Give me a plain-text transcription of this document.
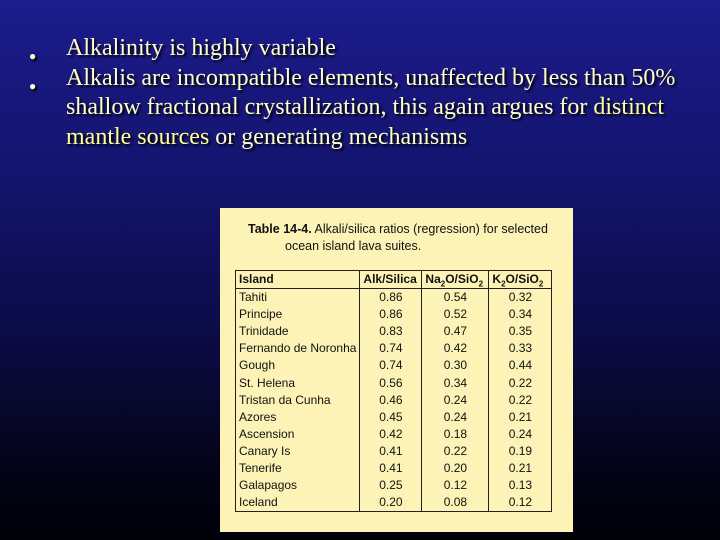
● Alkalinity is highly variable
● Alkalis are incompatible elements, unaffected by less than 50% shallow fractional crystallization, this again argues for distinct mantle sources or generating mechanisms
Table 14-4. Alkali/silica ratios (regression) for selected
ocean island lava suites.
Island	Alk/Silica	$Na_2O/SiO_2$	$K_2O/SiO_2$
Tahiti	0.86	0.54	0.32
Principe	0.86	0.52	0.34
Trinidade	0.83	0.47	0.35
Fernando de Noronha	0.74	0.42	0.33
Gough	0.74	0.30	0.44
St. Helena	0.56	0.34	0.22
Tristan da Cunha	0.46	0.24	0.22
Azores	0.45	0.24	0.21
Ascension	0.42	0.18	0.24
Canary Is	0.41	0.22	0.19
Tenerife	0.41	0.20	0.21
Galapagos	0.25	0.12	0.13
Iceland	0.20	0.08	0.12
